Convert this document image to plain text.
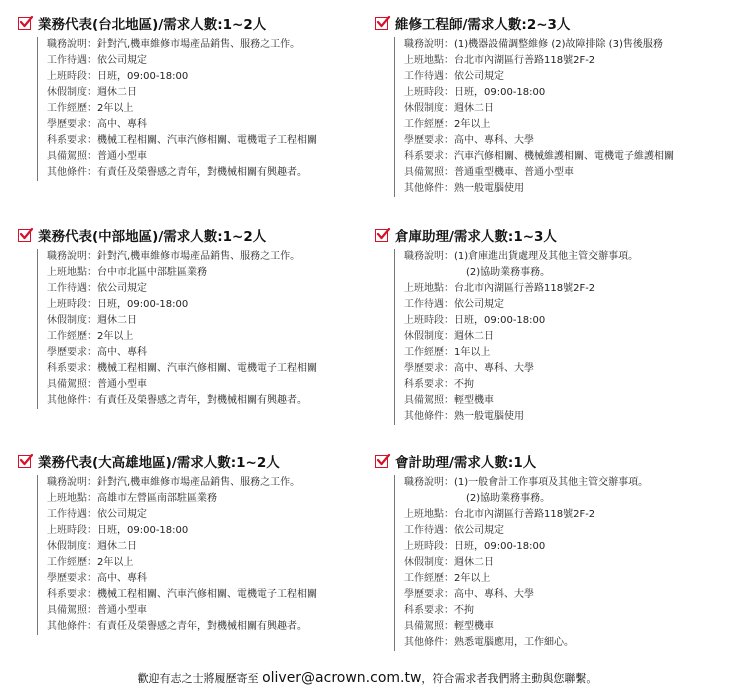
業務代表(台北地區)/需求人數:1~2人
職務說明：針對汽,機車維修市場產品銷售、服務之工作。
工作待遇：依公司規定
上班時段：日班，09:00-18:00
休假制度：週休二日
工作經歷：2年以上
學歷要求：高中、專科
科系要求：機械工程相關、汽車汽修相關、電機電子工程相關
具備駕照：普通小型車
其他條件：有責任及榮譽感之青年，對機械相關有興趣者。
維修工程師/需求人數:2~3人
職務說明：(1)機器設備調整維修 (2)故障排除 (3)售後服務
上班地點：台北市內湖區行善路118號2F-2
工作待遇：依公司規定
上班時段：日班，09:00-18:00
休假制度：週休二日
工作經歷：2年以上
學歷要求：高中、專科、大學
科系要求：汽車汽修相關、機械維護相關、電機電子維護相關
具備駕照：普通重型機車、普通小型車
其他條件：熟一般電腦使用
業務代表(中部地區)/需求人數:1~2人
職務說明：針對汽,機車維修市場產品銷售、服務之工作。
上班地點：台中市北區中部駐區業務
工作待遇：依公司規定
上班時段：日班，09:00-18:00
休假制度：週休二日
工作經歷：2年以上
學歷要求：高中、專科
科系要求：機械工程相關、汽車汽修相關、電機電子工程相關
具備駕照：普通小型車
其他條件：有責任及榮譽感之青年，對機械相關有興趣者。
倉庫助理/需求人數:1~3人
職務說明：(1)倉庫進出貨處理及其他主管交辦事項。
(2)協助業務事務。
上班地點：台北市內湖區行善路118號2F-2
工作待遇：依公司規定
上班時段：日班，09:00-18:00
休假制度：週休二日
工作經歷：1年以上
學歷要求：高中、專科、大學
科系要求：不拘
具備駕照：輕型機車
其他條件：熟一般電腦使用
業務代表(大高雄地區)/需求人數:1~2人
職務說明：針對汽,機車維修市場產品銷售、服務之工作。
上班地點：高雄市左營區南部駐區業務
工作待遇：依公司規定
上班時段：日班，09:00-18:00
休假制度：週休二日
工作經歷：2年以上
學歷要求：高中、專科
科系要求：機械工程相關、汽車汽修相關、電機電子工程相關
具備駕照：普通小型車
其他條件：有責任及榮譽感之青年，對機械相關有興趣者。
會計助理/需求人數:1人
職務說明：(1)一般會計工作事項及其他主管交辦事項。
(2)協助業務事務。
上班地點：台北市內湖區行善路118號2F-2
工作待遇：依公司規定
上班時段：日班，09:00-18:00
休假制度：週休二日
工作經歷：2年以上
學歷要求：高中、專科、大學
科系要求：不拘
具備駕照：輕型機車
其他條件：熟悉電腦應用，工作細心。
歡迎有志之士將履歷寄至 oliver@acrown.com.tw，符合需求者我們將主動與您聯繫。
